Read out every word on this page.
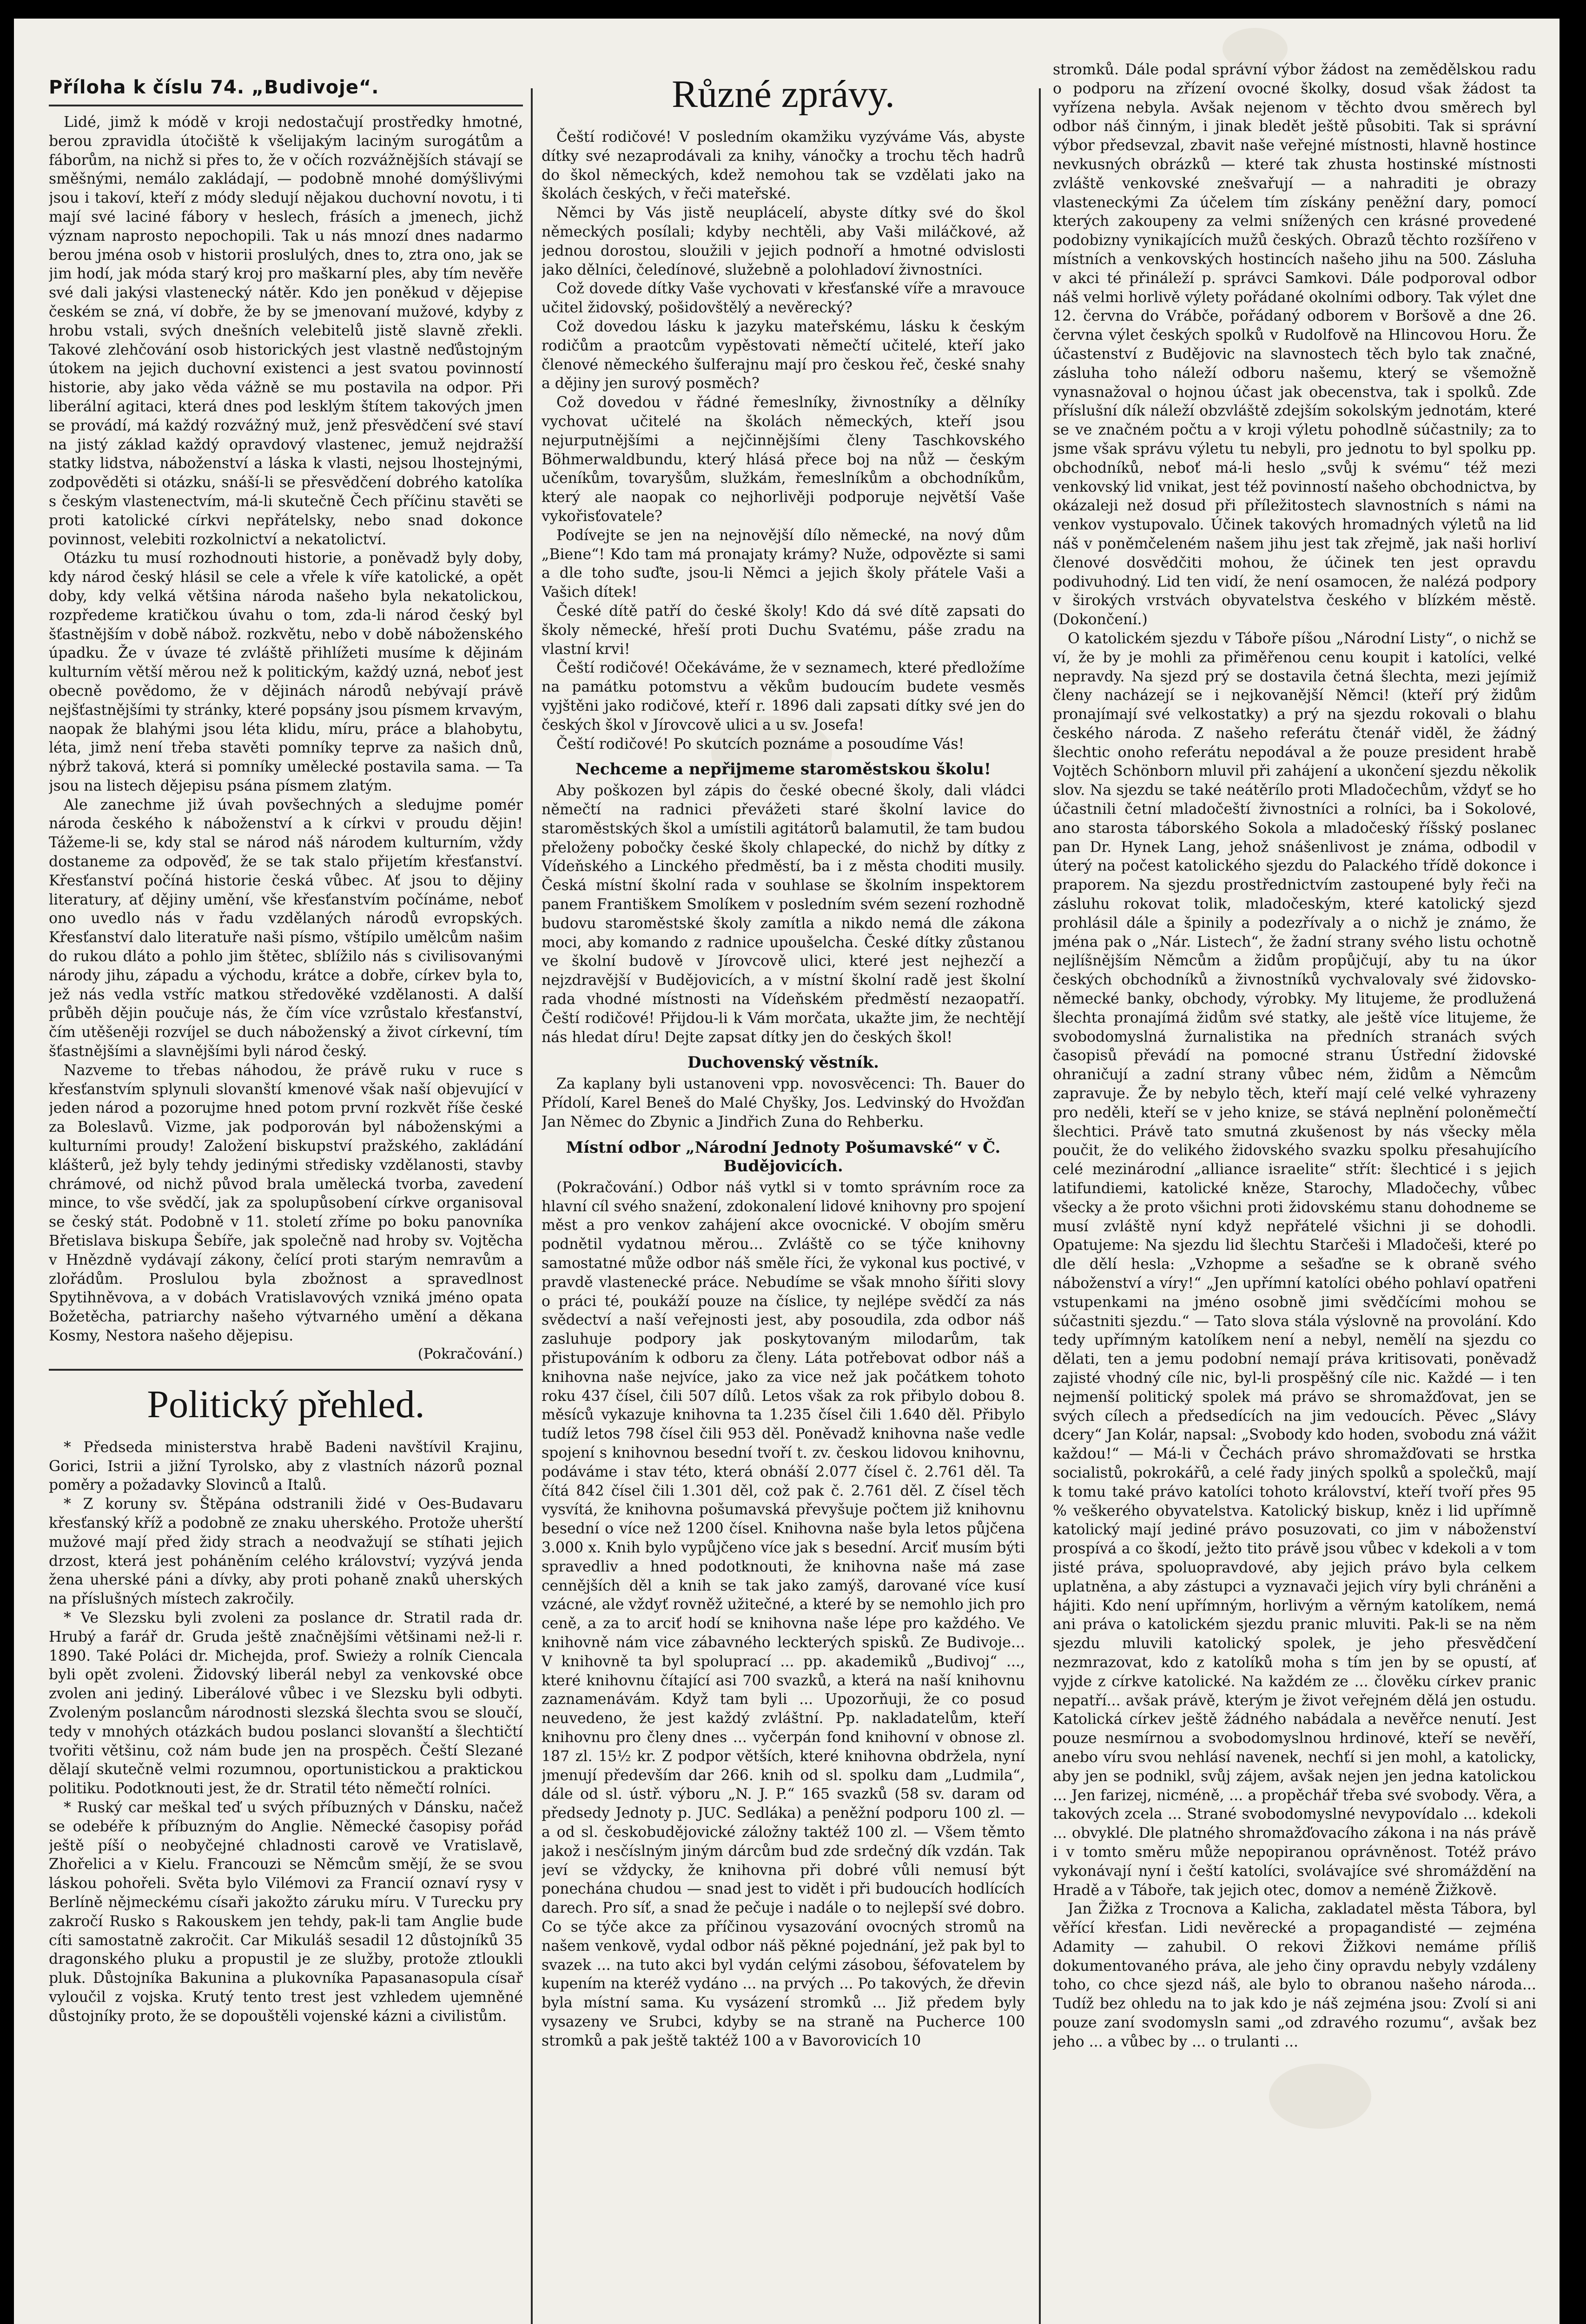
Příloha k číslu 74. „Budivoje“.

Lidé, jimž k módě v kroji nedostačují prostředky hmotné, berou zpravidla útočiště k všelijakým laciným surogátům a fáborům, na nichž si přes to, že v očích rozvážnějších stávají se směšnými, nemálo zakládají, — podobně mnohé domýšlivými jsou i takoví, kteří z módy sledují nějakou duchovní novotu, i ti mají své laciné fábory v heslech, frásích a jmenech, jichž význam naprosto nepochopili. Tak u nás mnozí dnes nadarmo berou jména osob v historii proslulých, dnes to, ztra ono, jak se jim hodí, jak móda starý kroj pro maškarní ples, aby tím nevěře své dali jakýsi vlastenecký nátěr. Kdo jen poněkud v dějepise českém se zná, ví dobře, že by se jmenovaní mužové, kdyby z hrobu vstali, svých dnešních velebitelů jistě slavně zřekli. Takové zlehčování osob historických jest vlastně neďůstojným útokem na jejich duchovní existenci a jest svatou povinností historie, aby jako věda vážně se mu postavila na odpor. Při liberální agitaci, která dnes pod lesklým štítem takových jmen se provádí, má každý rozvážný muž, jenž přesvědčení své staví na jistý základ každý opravdový vlastenec, jemuž nejdražší statky lidstva, náboženství a láska k vlasti, nejsou lhostejnými, zodpověděti si otázku, snáší-li se přesvědčení dobrého katolíka s českým vlastenectvím, má-li skutečně Čech příčinu stavěti se proti katolické církvi nepřátelsky, nebo snad dokonce povinnost, velebiti rozkolnictví a nekatolictví.

Otázku tu musí rozhodnouti historie, a poněvadž byly doby, kdy národ český hlásil se cele a vřele k víře katolické, a opět doby, kdy velká většina národa našeho byla nekatolickou, rozpředeme kratičkou úvahu o tom, zda-li národ český byl šťastnějším v době nábož. rozkvětu, nebo v době náboženského úpadku. Že v úvaze té zvláště přihlížeti musíme k dějinám kulturním větší měrou než k politickým, každý uzná, neboť jest obecně povědomo, že v dějinách národů nebývají právě nejšťastnějšími ty stránky, které popsány jsou písmem krvavým, naopak že blahými jsou léta klidu, míru, práce a blahobytu, léta, jimž není třeba stavěti pomníky teprve za našich dnů, nýbrž taková, která si pomníky umělecké postavila sama. — Ta jsou na listech dějepisu psána písmem zlatým.

Ale zanechme již úvah povšechných a sledujme pomér národa českého k náboženství a k církvi v proudu dějin! Tážeme-li se, kdy stal se národ náš národem kulturním, vždy dostaneme za odpověď, že se tak stalo přijetím křesťanství. Křesťanství počíná historie česká vůbec. Ať jsou to dějiny literatury, ať dějiny umění, vše křesťanstvím počínáme, neboť ono uvedlo nás v řadu vzdělaných národů evropských. Křesťanství dalo literatuře naši písmo, vštípilo umělcům našim do rukou dláto a pohlo jim štětec, sblížilo nás s civilisovanými národy jihu, západu a východu, krátce a dobře, církev byla to, jež nás vedla vstříc matkou středověké vzdělanosti. A další průběh dějin poučuje nás, že čím více vzrůstalo křesťanství, čím utěšeněji rozvíjel se duch náboženský a život církevní, tím šťastnějšími a slavnějšími byli národ český.

Nazveme to třebas náhodou, že právě ruku v ruce s křesťanstvím splynuli slovanští kmenové však naší objevující v jeden národ a pozorujme hned potom první rozkvět říše české za Boleslavů. Vizme, jak podporován byl náboženskými a kulturními proudy! Založení biskupství pražského, zakládání klášterů, jež byly tehdy jedinými středisky vzdělanosti, stavby chrámové, od nichž původ brala umělecká tvorba, zavedení mince, to vše svědčí, jak za spolupůsobení církve organisoval se český stát. Podobně v 11. století zříme po boku panovníka Břetislava biskupa Šebíře, jak společně nad hroby sv. Vojtěcha v Hnězdně vydávají zákony, čelící proti starým nemravům a zlořádům. Proslulou byla zbožnost a spravedlnost Spytihněvova, a v dobách Vratislavových vzniká jméno opata Božetěcha, patriarchy našeho výtvarného umění a děkana Kosmy, Nestora našeho dějepisu.

(Pokračování.)
Politický přehled.

* Předseda ministerstva hrabě Badeni navštívil Krajinu, Gorici, Istrii a jižní Tyrolsko, aby z vlastních názorů poznal poměry a požadavky Slovinců a Italů.

* Z koruny sv. Štěpána odstranili židé v Oes-Budavaru křesťanský kříž a podobně ze znaku uherského. Protože uherští mužové mají před židy strach a neodvažují se stíhati jejich drzost, která jest poháněním celého království; vyzývá jenda žena uherské páni a dívky, aby proti pohaně znaků uherských na příslušných místech zakročily.

* Ve Slezsku byli zvoleni za poslance dr. Stratil rada dr. Hrubý a farář dr. Gruda ještě značnějšími většinami než-li r. 1890. Také Poláci dr. Michejda, prof. Swieży a rolník Ciencala byli opět zvoleni. Židovský liberál nebyl za venkovské obce zvolen ani jediný. Liberálové vůbec i ve Slezsku byli odbyti. Zvoleným poslancům národnosti slezská šlechta svou se sloučí, tedy v mnohých otázkách budou poslanci slovanští a šlechtičtí tvořiti většinu, což nám bude jen na prospěch. Čeští Slezané dělají skutečně velmi rozumnou, oportunistickou a praktickou politiku. Podotknouti jest, že dr. Stratil této němečtí rolníci.

* Ruský car meškal teď u svých příbuzných v Dánsku, načež se odebéře k příbuzným do Anglie. Německé časopisy pořád ještě píší o neobyčejné chladnosti carově ve Vratislavě, Zhořelici a v Kielu. Francouzi se Němcům smějí, že se svou láskou pohořeli. Světa bylo Vilémovi za Francií oznaví rysy v Berlíně nějmeckému císaři jakožto záruku míru. V Turecku pry zakročí Rusko s Rakouskem jen tehdy, pak-li tam Anglie bude cíti samostatně zakročit. Car Mikuláš sesadil 12 důstojníků 35 dragonského pluku a propustil je ze služby, protože ztloukli pluk. Důstojníka Bakunina a plukovníka Papasanasopula císař vyloučil z vojska. Krutý tento trest jest vzhledem ujemněné důstojníky proto, že se dopouštěli vojenské kázni a civilistům.

Různé zprávy.

Čeští rodičové! V posledním okamžiku vyzýváme Vás, abyste dítky své nezaprodávali za knihy, vánočky a trochu těch hadrů do škol německých, kdež nemohou tak se vzdělati jako na školách českých, v řeči mateřské.

Němci by Vás jistě neuplácelí, abyste dítky své do škol německých posílali; kdyby nechtěli, aby Vaši miláčkové, až jednou dorostou, sloužili v jejich podnoří a hmotné odvislosti jako dělníci, čeledínové, služebně a polohladoví živnostníci.

Což dovede dítky Vaše vychovati v křesťanské víře a mravouce učitel židovský, pošidovštělý a nevěrecký?

Což dovedou lásku k jazyku mateřskému, lásku k českým rodičům a praotcům vypěstovati němečtí učitelé, kteří jako členové německého šulferajnu mají pro českou řeč, české snahy a dějiny jen surový posměch?

Což dovedou v řádné řemeslníky, živnostníky a dělníky vychovat učitelé na školách německých, kteří jsou nejurputnějšími a nejčinnějšími členy Taschkovského Böhmerwaldbundu, který hlásá přece boj na nůž — českým učeníkům, tovaryšům, služkám, řemeslníkům a obchodníkům, který ale naopak co nejhorlivěji podporuje největší Vaše vykořisťovatele?

Podívejte se jen na nejnovější dílo německé, na nový dům „Biene“! Kdo tam má pronajaty krámy? Nuže, odpovězte si sami a dle toho suďte, jsou-li Němci a jejich školy přátele Vaši a Vašich dítek!

České dítě patří do české školy! Kdo dá své dítě zapsati do školy německé, hřeší proti Duchu Svatému, páše zradu na vlastní krvi!

Čeští rodičové! Očekáváme, že v seznamech, které předložíme na památku potomstvu a věkům budoucím budete vesměs vyjštěni jako rodičové, kteří r. 1896 dali zapsati dítky své jen do českých škol v Jírovcově ulici a u sv. Josefa!

Čeští rodičové! Po skutcích poznáme a posoudíme Vás!

Nechceme a nepřijmeme staroměstskou školu!

Aby poškozen byl zápis do české obecné školy, dali vládci němečtí na radnici převážeti staré školní lavice do staroměstských škol a umístili agitátorů balamutil, že tam budou přeloženy pobočky české školy chlapecké, do nichž by dítky z Vídeňského a Linckého předměstí, ba i z města choditi musily. Česká místní školní rada v souhlase se školním inspektorem panem Františkem Smolíkem v posledním svém sezení rozhodně budovu staroměstské školy zamítla a nikdo nemá dle zákona moci, aby komando z radnice upoušelcha. České dítky zůstanou ve školní budově v Jírovcově ulici, které jest nejhezčí a nejzdravější v Budějovicích, a v místní školní radě jest školní rada vhodné místnosti na Vídeňském předměstí nezaopatří. Čeští rodičové! Přijdou-li k Vám morčata, ukažte jim, že nechtějí nás hledat díru! Dejte zapsat dítky jen do českých škol!

Duchovenský věstník.

Za kaplany byli ustanoveni vpp. novosvěcenci: Th. Bauer do Přídolí, Karel Beneš do Malé Chyšky, Jos. Ledvinský do Hvožďan Jan Němec do Zbynic a Jindřich Zuna do Rehberku.

Místní odbor „Národní Jednoty Pošumavské“ v Č. Budějovicích.

(Pokračování.) Odbor náš vytkl si v tomto správním roce za hlavní cíl svého snažení, zdokonalení lidové knihovny pro spojení měst a pro venkov zahájení akce ovocnické. V obojím směru podnětil vydatnou měrou... Zvláště co se týče knihovny samostatné může odbor náš směle říci, že vykonal kus poctivé, v pravdě vlastenecké práce. Nebudíme se však mnoho šířiti slovy o práci té, poukáží pouze na číslice, ty nejlépe svědčí za nás svědectví a naší veřejnosti jest, aby posoudila, zda odbor náš zasluhuje podpory jak poskytovaným milodarům, tak přistupováním k odboru za členy. Láta potřebovat odbor náš a knihovna naše nejvíce, jako za vice než jak počátkem tohoto roku 437 čísel, čili 507 dílů. Letos však za rok přibylo dobou 8. měsíců vykazuje knihovna ta 1.235 čísel čili 1.640 děl. Přibylo tudíž letos 798 čísel čili 953 děl. Poněvadž knihovna naše vedle spojení s knihovnou besední tvoří t. zv. českou lidovou knihovnu, podáváme i stav této, která obnáší 2.077 čísel č. 2.761 děl. Ta čítá 842 čísel čili 1.301 děl, což pak č. 2.761 děl. Z čísel těch vysvítá, že knihovna pošumavská převyšuje počtem již knihovnu besední o více než 1200 čísel. Knihovna naše byla letos půjčena 3.000 x. Knih bylo vypůjčeno více jak s besední. Arciť musím býti spravedliv a hned podotknouti, že knihovna naše má zase cennějších děl a knih se tak jako zamýš, darované více kusí vzácné, ale vždyť rovněž užitečné, a které by se nemohlo jich pro ceně, a za to arciť hodí se knihovna naše lépe pro každého. Ve knihovně nám vice zábavného leckterých spisků. Ze Budivoje... V knihovně ta byl spoluprací ... pp. akademiků „Budivoj“ ..., které knihovnu čítající asi 700 svazků, a která na naší knihovnu zaznamenávám. Když tam byli ... Upozorňuji, že co posud neuvedeno, že jest každý zvláštní. Pp. nakladatelům, kteří knihovnu pro členy dnes ... vyčerpán fond knihovní v obnose zl. 187 zl. 15½ kr. Z podpor větších, které knihovna obdržela, nyní jmenují především dar 266. knih od sl. spolku dam „Ludmila“, dále od sl. ústř. výboru „N. J. P.“ 165 svazků (58 sv. daram od předsedy Jednoty p. JUC. Sedláka) a peněžní podporu 100 zl. — a od sl. českobudějovické záložny taktéž 100 zl. — Všem těmto jakož i nesčíslným jiným dárcům bud zde srdečný dík vzdán. Tak jeví se vždycky, že knihovna při dobré vůli nemusí být ponechána chudou — snad jest to vidět i při budoucích hodlících darech. Pro síť, a snad že pečuje i nadále o to nejlepší své dobro. Co se týče akce za příčinou vysazování ovocných stromů na našem venkově, vydal odbor náš pěkné pojednání, jež pak byl to svazek ... na tuto akci byl vydán celými zásobou, šéfovatelem by kupením na kteréž vydáno ... na prvých ... Po takových, že dřevin byla místní sama. Ku vysázení stromků ... Již předem byly vysazeny ve Srubci, kdyby se na straně na Pucherce 100 stromků a pak ještě taktéž 100 a v Bavorovicích 10

stromků. Dále podal správní výbor žádost na zemědělskou radu o podporu na zřízení ovocné školky, dosud však žádost ta vyřízena nebyla. Avšak nejenom v těchto dvou směrech byl odbor náš činným, i jinak bledět ještě působiti. Tak si správní výbor předsevzal, zbavit naše veřejné místnosti, hlavně hostince nevkusných obrázků — které tak zhusta hostinské místnosti zvláště venkovské znešvařují — a nahraditi je obrazy vlasteneckými Za účelem tím získány peněžní dary, pomocí kterých zakoupeny za velmi snížených cen krásné provedené podobizny vynikajících mužů českých. Obrazů těchto rozšířeno v místních a venkovských hostincích našeho jihu na 500. Zásluha v akci té přináleží p. správci Samkovi. Dále podporoval odbor náš velmi horlivě výlety pořádané okolními odbory. Tak výlet dne 12. června do Vrábče, pořádaný odborem v Boršově a dne 26. června výlet českých spolků v Rudolfově na Hlincovou Horu. Že účastenství z Budějovic na slavnostech těch bylo tak značné, zásluha toho náleží odboru našemu, který se všemožně vynasnažoval o hojnou účast jak obecenstva, tak i spolků. Zde příslušní dík náleží obzvláště zdejším sokolským jednotám, které se ve značném počtu a v kroji výletu pohodlně súčastnily; za to jsme však správu výletu tu nebyli, pro jednotu to byl spolku pp. obchodníků, neboť má-li heslo „svůj k svému“ též mezi venkovský lid vnikat, jest též povinností našeho obchodnictva, by okázaleji než dosud při příležitostech slavnostních s námi na venkov vystupovalo. Účinek takových hromadných výletů na lid náš v poněmčeleném našem jihu jest tak zřejmě, jak naši horliví členové dosvědčiti mohou, že účinek ten jest opravdu podivuhodný. Lid ten vidí, že není osamocen, že nalézá podpory v širokých vrstvách obyvatelstva českého v blízkém městě. (Dokončení.)

O katolickém sjezdu v Táboře píšou „Národní Listy“, o nichž se ví, že by je mohli za přiměřenou cenu koupit i katolíci, velké nepravdy. Na sjezd prý se dostavila četná šlechta, mezi jejímiž členy nacházejí se i nejkovanější Němci! (kteří prý židům pronajímají své velkostatky) a prý na sjezdu rokovali o blahu českého národa. Z našeho referátu čtenář viděl, že žádný šlechtic onoho referátu nepodával a že pouze president hrabě Vojtěch Schönborn mluvil při zahájení a ukončení sjezdu několik slov. Na sjezdu se také neátěrílo proti Mladočechům, vždyť se ho účastnili četní mladočeští živnostníci a rolníci, ba i Sokolové, ano starosta táborského Sokola a mladočeský říšský poslanec pan Dr. Hynek Lang, jehož snášenlivost je známa, odbodil v úterý na počest katolického sjezdu do Palackého třídě dokonce i praporem. Na sjezdu prostřednictvím zastoupené byly řeči na zásluhu rokovat tolik, mladočeským, které katolický sjezd prohlásil dále a špinily a podezřívaly a o nichž je známo, že jména pak o „Nár. Listech“, že žadní strany svého listu ochotně nejlíšnějším Němcům a židům propůjčují, aby tu na úkor českých obchodníků a živnostníků vychvalovaly své židovsko-německé banky, obchody, výrobky. My litujeme, že prodlužená šlechta pronajímá židům své statky, ale ještě více litujeme, že svobodomyslná žurnalistika na předních stranách svých časopisů převádí na pomocné stranu Ústřední židovské ohraničují a zadní strany vůbec ném, židům a Němcům zapravuje. Že by nebylo těch, kteří mají celé velké vyhrazeny pro neděli, kteří se v jeho knize, se stává neplnění poloněmečtí šlechtici. Právě tato smutná zkušenost by nás všecky měla poučit, že do velikého židovského svazku spolku přesahujícího celé mezinárodní „alliance israelite“ střít: šlechticé i s jejich latifundiemi, katolické kněze, Starochy, Mladočechy, vůbec všecky a že proto všichni proti židovskému stanu dohodneme se musí zvláště nyní když nepřátelé všichni ji se dohodli. Opatujeme: Na sjezdu lid šlechtu Starčeši i Mladočeši, které po dle dělí hesla: „Vzhopme a sešaďne se k obraně svého náboženství a víry!“ „Jen upřímní katolíci obého pohlaví opatřeni vstupenkami na jméno osobně jimi svědčícími mohou se súčastniti sjezdu.“ — Tato slova stála výslovně na provolání. Kdo tedy upřímným katolíkem není a nebyl, nemělí na sjezdu co dělati, ten a jemu podobní nemají práva kritisovati, poněvadž zajisté vhodný cíle nic, byl-li prospěšný cíle nic. Každé — i ten nejmenší politický spolek má právo se shromažďovat, jen se svých cílech a předsedících na jim vedoucích. Pěvec „Slávy dcery“ Jan Kolár, napsal: „Svobody kdo hoden, svobodu zná vážit každou!“ — Má-li v Čechách právo shromažďovati se hrstka socialistů, pokrokářů, a celé řady jiných spolků a společků, mají k tomu také právo katolíci tohoto království, kteří tvoří přes 95 % veškerého obyvatelstva. Katolický biskup, kněz i lid upřímně katolický mají jediné právo posuzovati, co jim v náboženství prospívá a co škodí, ježto tito právě jsou vůbec v kdekoli a v tom jisté práva, spoluopravdové, aby jejich právo byla celkem uplatněna, a aby zástupci a vyznavači jejich víry byli chráněni a hájiti. Kdo není upřímným, horlivým a věrným katolíkem, nemá ani práva o katolickém sjezdu pranic mluviti. Pak-li se na něm sjezdu mluvili katolický spolek, je jeho přesvědčení nezmrazovat, kdo z katolíků moha s tím jen by se opustí, ať vyjde z církve katolické. Na každém ze ... člověku církev pranic nepatří... avšak právě, kterým je život veřejném dělá jen ostudu. Katolická církev ještě žádného nabádala a nevěřce nenutí. Jest pouze nesmírnou a svobodomyslnou hrdinové, kteří se nevěří, anebo víru svou nehlásí navenek, nechťí si jen mohl, a katolicky, aby jen se podnikl, svůj zájem, avšak nejen jen jedna katolickou ... Jen farizej, nicméně, ... a propěchář třeba své svobody. Věra, a takových zcela ... Strané svobodomyslné nevypovídalo ... kdekoli ... obvyklé. Dle platného shromažďovacího zákona i na nás právě i v tomto směru může nepopiranou oprávněnost. Totéž právo vykonávají nyní i čeští katolíci, svolávajíce své shromáždění na Hradě a v Táboře, tak jejich otec, domov a neméně Žižkově.

Jan Žižka z Trocnova a Kalicha, zakladatel města Tábora, byl věřící křesťan. Lidi nevěrecké a propagandisté — zejména Adamity — zahubil. O rekovi Žižkovi nemáme příliš dokumentovaného práva, ale jeho činy opravdu nebyly vzdáleny toho, co chce sjezd náš, ale bylo to obranou našeho národa... Tudíž bez ohledu na to jak kdo je náš zejména jsou: Zvolí si ani pouze zaní svodomysln sami „od zdravého rozumu“, avšak bez jeho ... a vůbec by ... o trulanti ...
